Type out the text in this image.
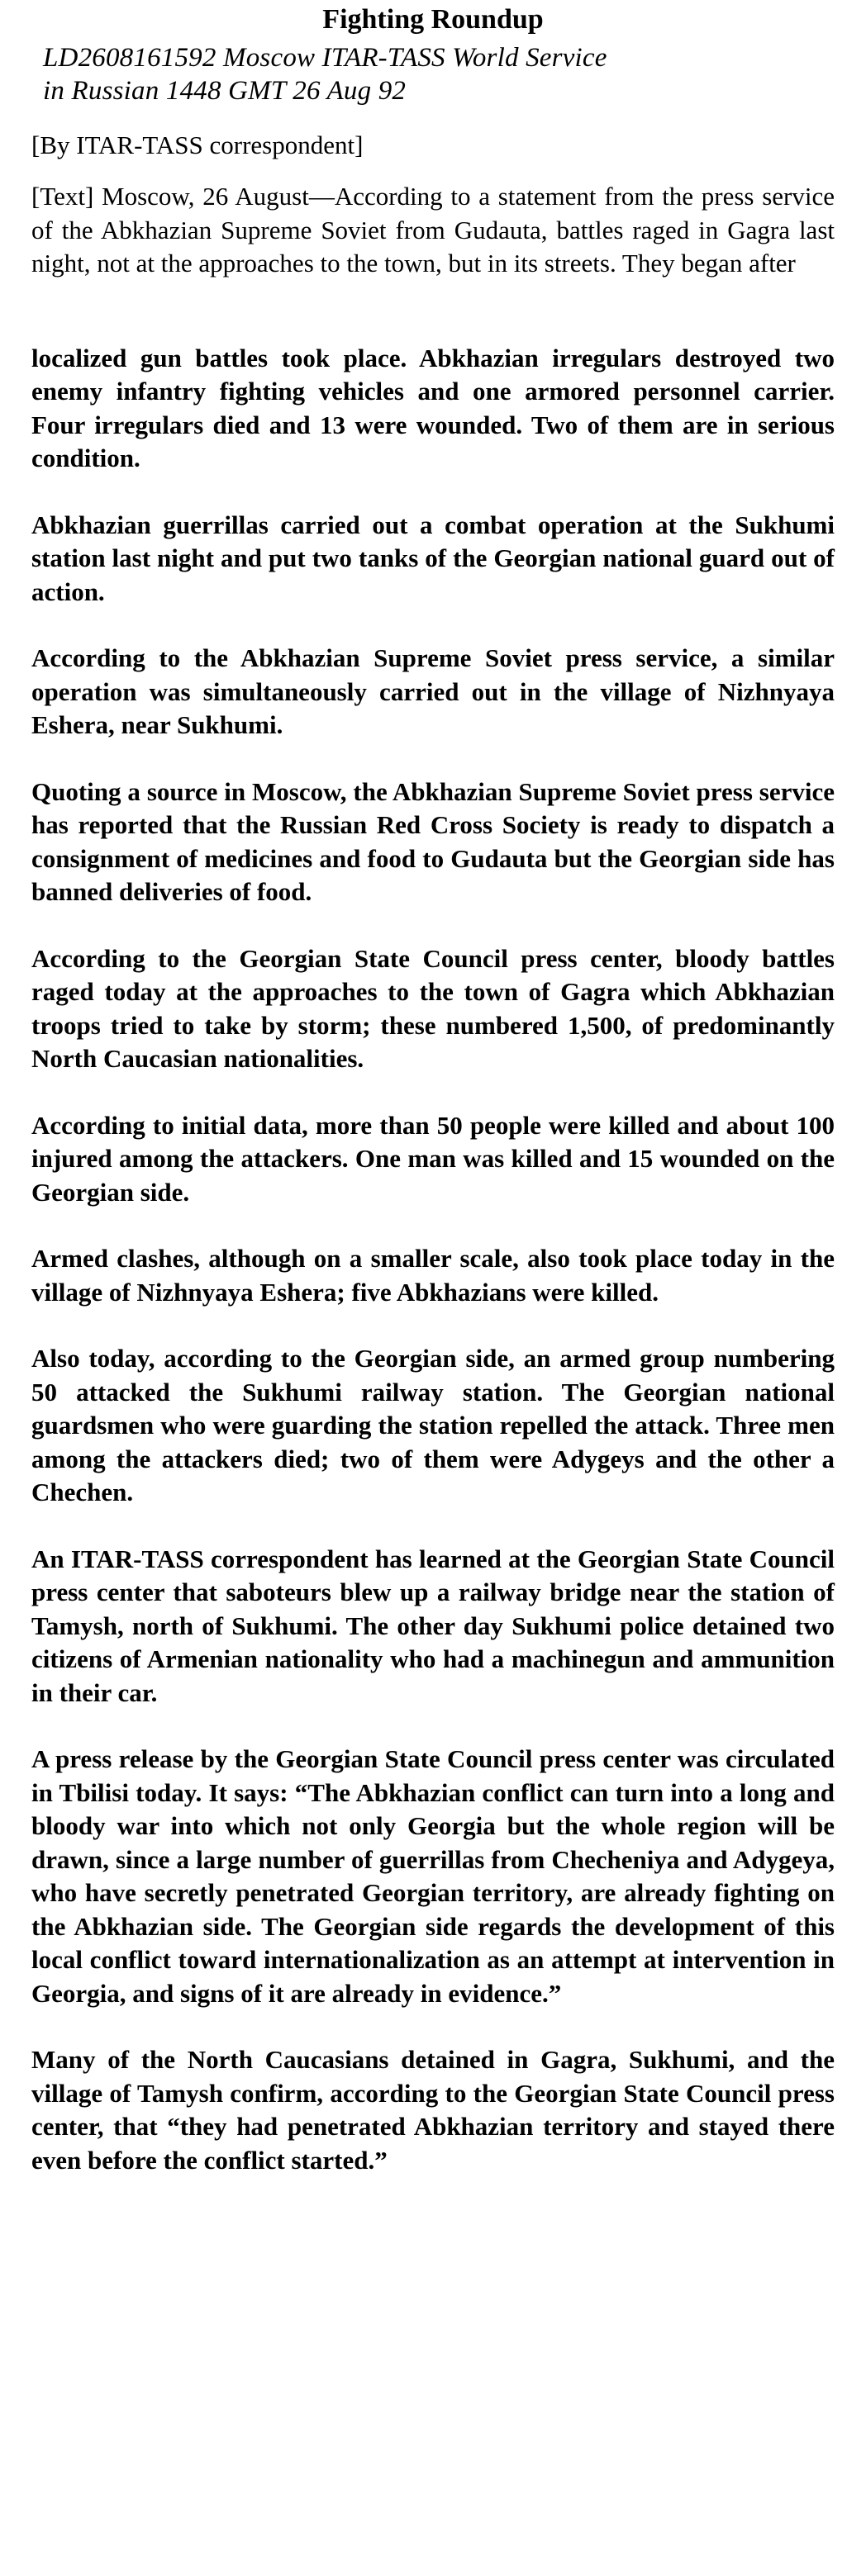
Fighting Roundup
LD2608161592 Moscow ITAR-TASS World Service
in Russian 1448 GMT 26 Aug 92
[By ITAR-TASS correspondent]

[Text] Moscow, 26 August—According to a statement from the press service of the Abkhazian Supreme Soviet from Gudauta, battles raged in Gagra last night, not at the approaches to the town, but in its streets. They began after

localized gun battles took place. Abkhazian irregulars destroyed two enemy infantry fighting vehicles and one armored personnel carrier. Four irregulars died and 13 were wounded. Two of them are in serious condition.

Abkhazian guerrillas carried out a combat operation at the Sukhumi station last night and put two tanks of the Georgian national guard out of action.

According to the Abkhazian Supreme Soviet press service, a similar operation was simultaneously carried out in the village of Nizhnyaya Eshera, near Sukhumi.

Quoting a source in Moscow, the Abkhazian Supreme Soviet press service has reported that the Russian Red Cross Society is ready to dispatch a consignment of medicines and food to Gudauta but the Georgian side has banned deliveries of food.

According to the Georgian State Council press center, bloody battles raged today at the approaches to the town of Gagra which Abkhazian troops tried to take by storm; these numbered 1,500, of predominantly North Caucasian nationalities.

According to initial data, more than 50 people were killed and about 100 injured among the attackers. One man was killed and 15 wounded on the Georgian side.

Armed clashes, although on a smaller scale, also took place today in the village of Nizhnyaya Eshera; five Abkhazians were killed.

Also today, according to the Georgian side, an armed group numbering 50 attacked the Sukhumi railway station. The Georgian national guardsmen who were guarding the station repelled the attack. Three men among the attackers died; two of them were Adygeys and the other a Chechen.

An ITAR-TASS correspondent has learned at the Georgian State Council press center that saboteurs blew up a railway bridge near the station of Tamysh, north of Sukhumi. The other day Sukhumi police detained two citizens of Armenian nationality who had a machinegun and ammunition in their car.

A press release by the Georgian State Council press center was circulated in Tbilisi today. It says: “The Abkhazian conflict can turn into a long and bloody war into which not only Georgia but the whole region will be drawn, since a large number of guerrillas from Checheniya and Adygeya, who have secretly penetrated Georgian territory, are already fighting on the Abkhazian side. The Georgian side regards the development of this local conflict toward internationalization as an attempt at intervention in Georgia, and signs of it are already in evidence.”

Many of the North Caucasians detained in Gagra, Sukhumi, and the village of Tamysh confirm, according to the Georgian State Council press center, that “they had penetrated Abkhazian territory and stayed there even before the conflict started.”
